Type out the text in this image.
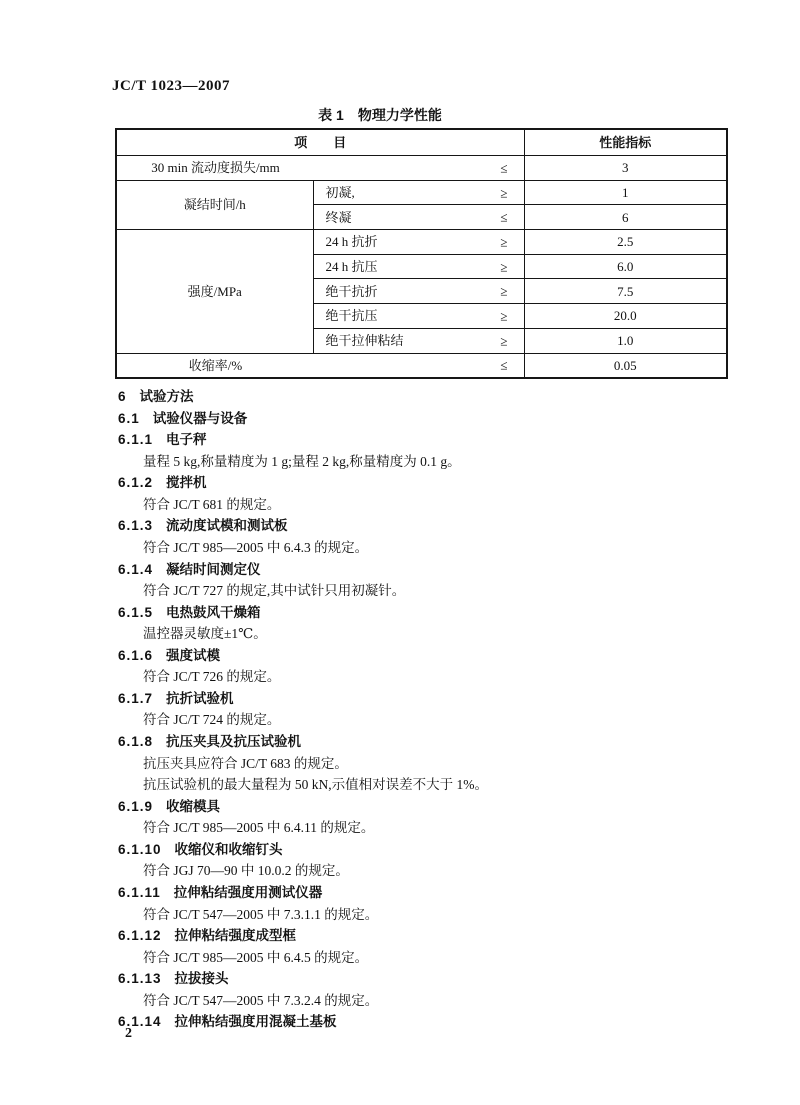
JC/T 1023—2007
表 1　物理力学性能
项　　目		性能指标
30 min 流动度损失/mm ≤		3
凝结时间/h	初凝, ≥	1
	终凝 ≤	6
强度/MPa	24 h 抗折 ≥	2.5
	24 h 抗压 ≥	6.0
	绝干抗折 ≥	7.5
	绝干抗压 ≥	20.0
	绝干拉伸粘结 ≥	1.0
收缩率/% ≤		0.05
6 试验方法
6.1 试验仪器与设备
6.1.1 电子秤
量程 5 kg,称量精度为 1 g;量程 2 kg,称量精度为 0.1 g。
6.1.2 搅拌机
符合 JC/T 681 的规定。
6.1.3 流动度试模和测试板
符合 JC/T 985—2005 中 6.4.3 的规定。
6.1.4 凝结时间测定仪
符合 JC/T 727 的规定,其中试针只用初凝针。
6.1.5 电热鼓风干燥箱
温控器灵敏度±1℃。
6.1.6 强度试模
符合 JC/T 726 的规定。
6.1.7 抗折试验机
符合 JC/T 724 的规定。
6.1.8 抗压夹具及抗压试验机
抗压夹具应符合 JC/T 683 的规定。
抗压试验机的最大量程为 50 kN,示值相对误差不大于 1%。
6.1.9 收缩模具
符合 JC/T 985—2005 中 6.4.11 的规定。
6.1.10 收缩仪和收缩钉头
符合 JGJ 70—90 中 10.0.2 的规定。
6.1.11 拉伸粘结强度用测试仪器
符合 JC/T 547—2005 中 7.3.1.1 的规定。
6.1.12 拉伸粘结强度成型框
符合 JC/T 985—2005 中 6.4.5 的规定。
6.1.13 拉拔接头
符合 JC/T 547—2005 中 7.3.2.4 的规定。
6.1.14 拉伸粘结强度用混凝土基板
2
